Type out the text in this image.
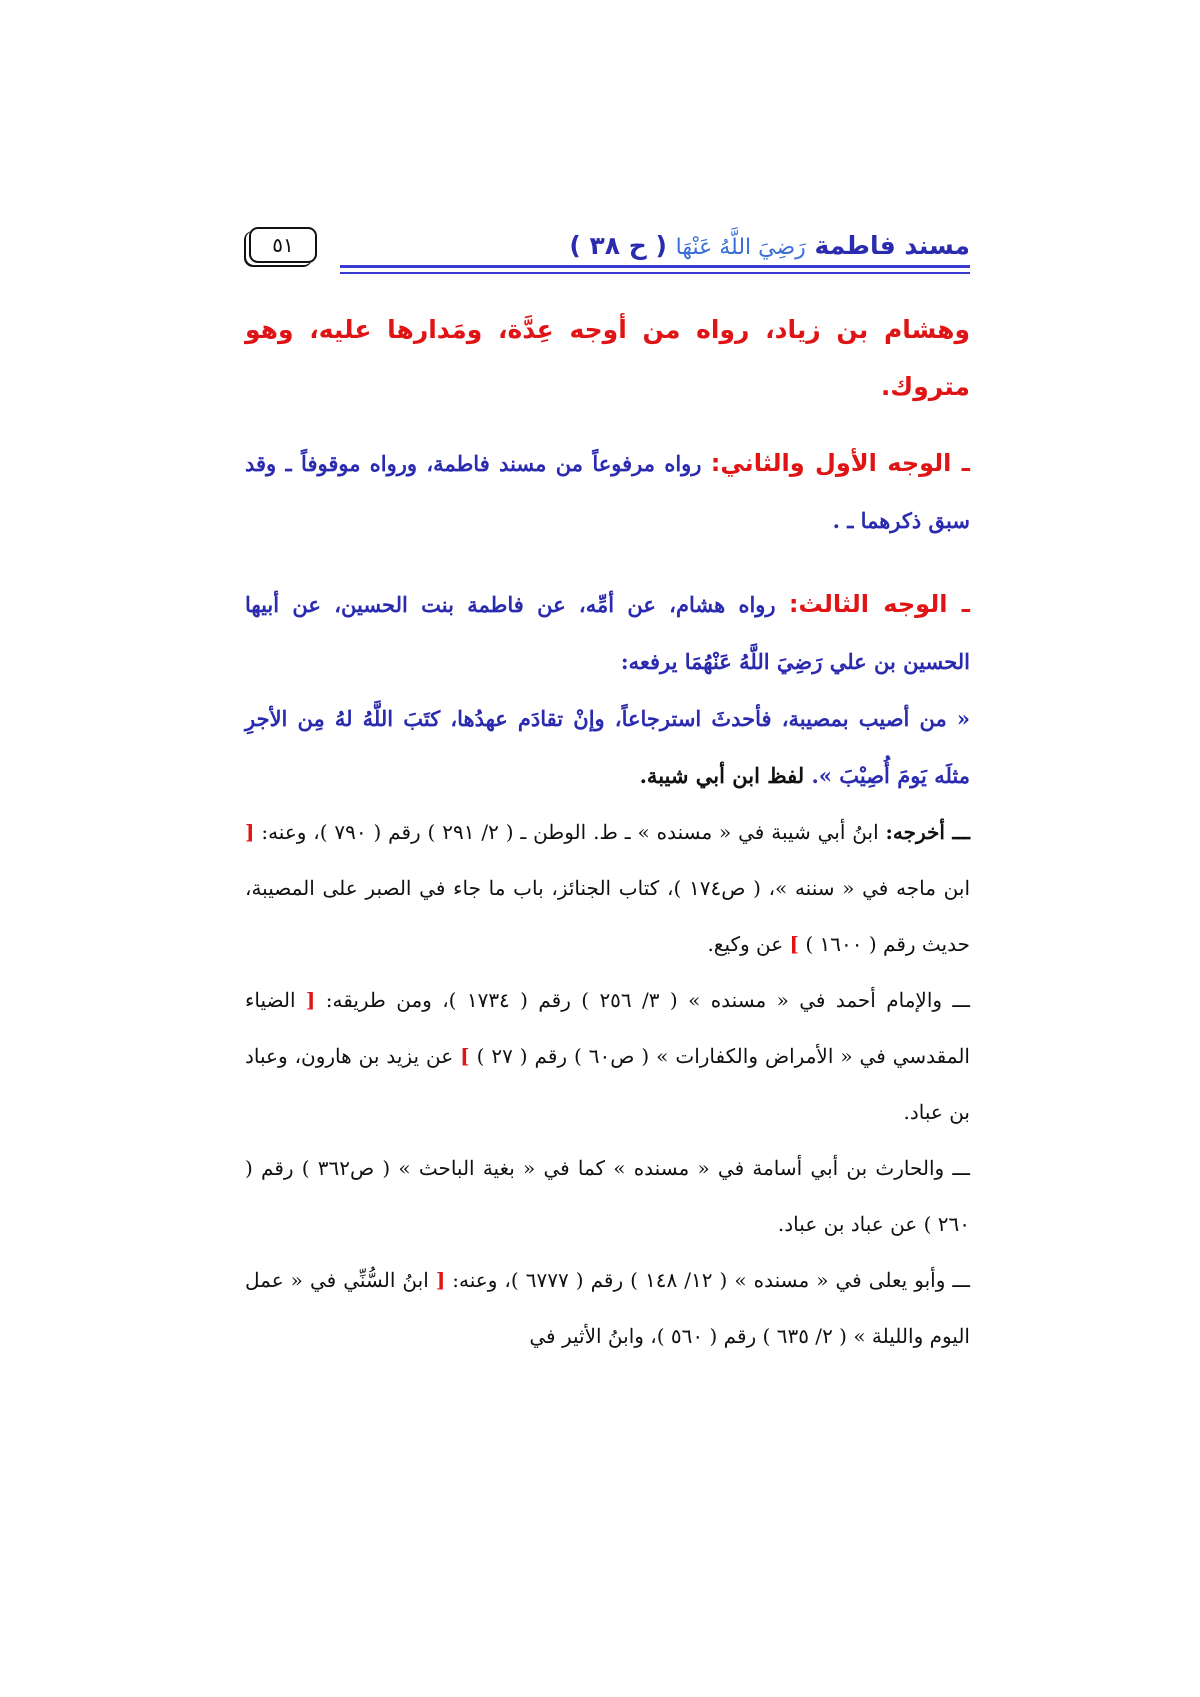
مسند فاطمة رَضِيَ اللَّهُ عَنْهَا ( ح ٣٨ )
٥١

وهشام بن زياد، رواه من أوجه عِدَّة، ومَدارها عليه، وهو متروك.

ـ الوجه الأول والثاني: رواه مرفوعاً من مسند فاطمة، ورواه موقوفاً ـ وقد سبق ذكرهما ـ .

ـ الوجه الثالث: رواه هشام، عن أمِّه، عن فاطمة بنت الحسين، عن أبيها الحسين بن علي رَضِيَ اللَّهُ عَنْهُمَا يرفعه:

« من أصيب بمصيبة، فأحدثَ استرجاعاً، وإنْ تقادَم عهدُها، كتَبَ اللَّهُ لهُ مِن الأجرِ مثلَه يَومَ أُصِيْبَ ». لفظ ابن أبي شيبة.

ـــ أخرجه: ابنُ أبي شيبة في « مسنده » ـ ط. الوطن ـ ( ٢/ ٢٩١ ) رقم ( ٧٩٠ )، وعنه: [ ابن ماجه في « سننه »، ( ص١٧٤ )، كتاب الجنائز، باب ما جاء في الصبر على المصيبة، حديث رقم ( ١٦٠٠ ) ] عن وكيع.

ـــ والإمام أحمد في « مسنده » ( ٣/ ٢٥٦ ) رقم ( ١٧٣٤ )، ومن طريقه: [ الضياء المقدسي في « الأمراض والكفارات » ( ص٦٠ ) رقم ( ٢٧ ) ] عن يزيد بن هارون، وعباد بن عباد.

ـــ والحارث بن أبي أسامة في « مسنده » كما في « بغية الباحث » ( ص٣٦٢ ) رقم ( ٢٦٠ ) عن عباد بن عباد.

ـــ وأبو يعلى في « مسنده » ( ١٢/ ١٤٨ ) رقم ( ٦٧٧٧ )، وعنه: [ ابنُ السُّنِّي في « عمل اليوم والليلة » ( ٢/ ٦٣٥ ) رقم ( ٥٦٠ )، وابنُ الأثير في
